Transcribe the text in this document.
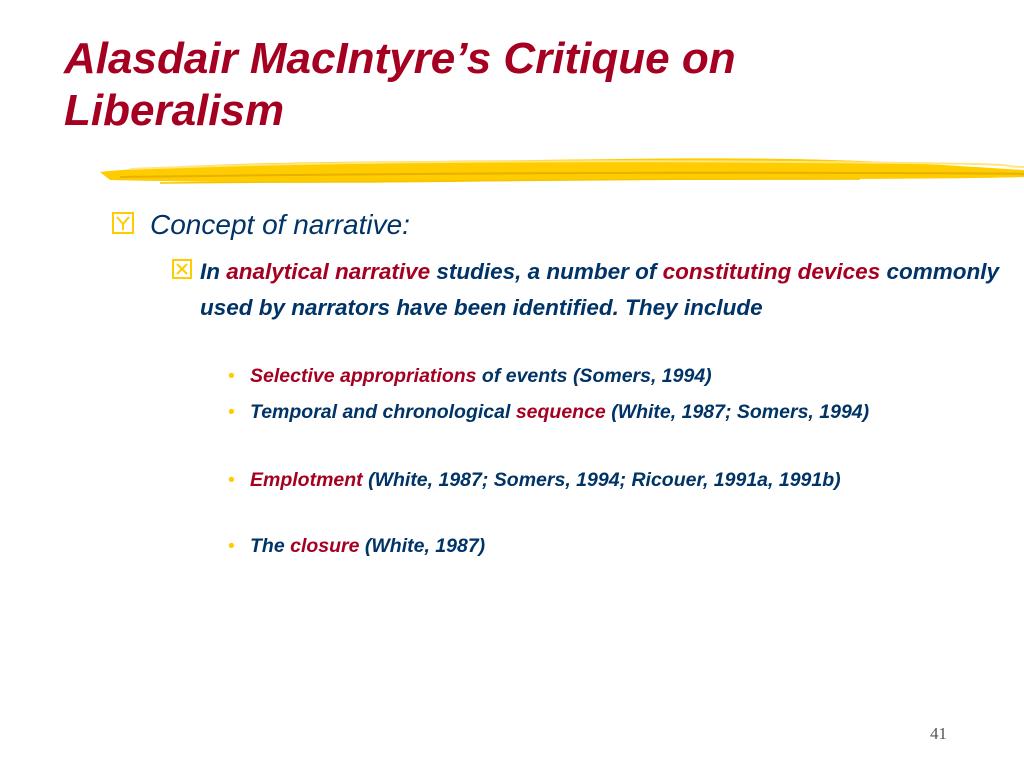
Alasdair MacIntyre’s Critique on
Liberalism
Concept of narrative:
In analytical narrative studies, a number of constituting devices commonly used by narrators have been identified. They include
• Selective appropriations of events (Somers, 1994)
• Temporal and chronological sequence (White, 1987; Somers, 1994)
• Emplotment (White, 1987; Somers, 1994; Ricouer, 1991a, 1991b)
• The closure (White, 1987)
41
